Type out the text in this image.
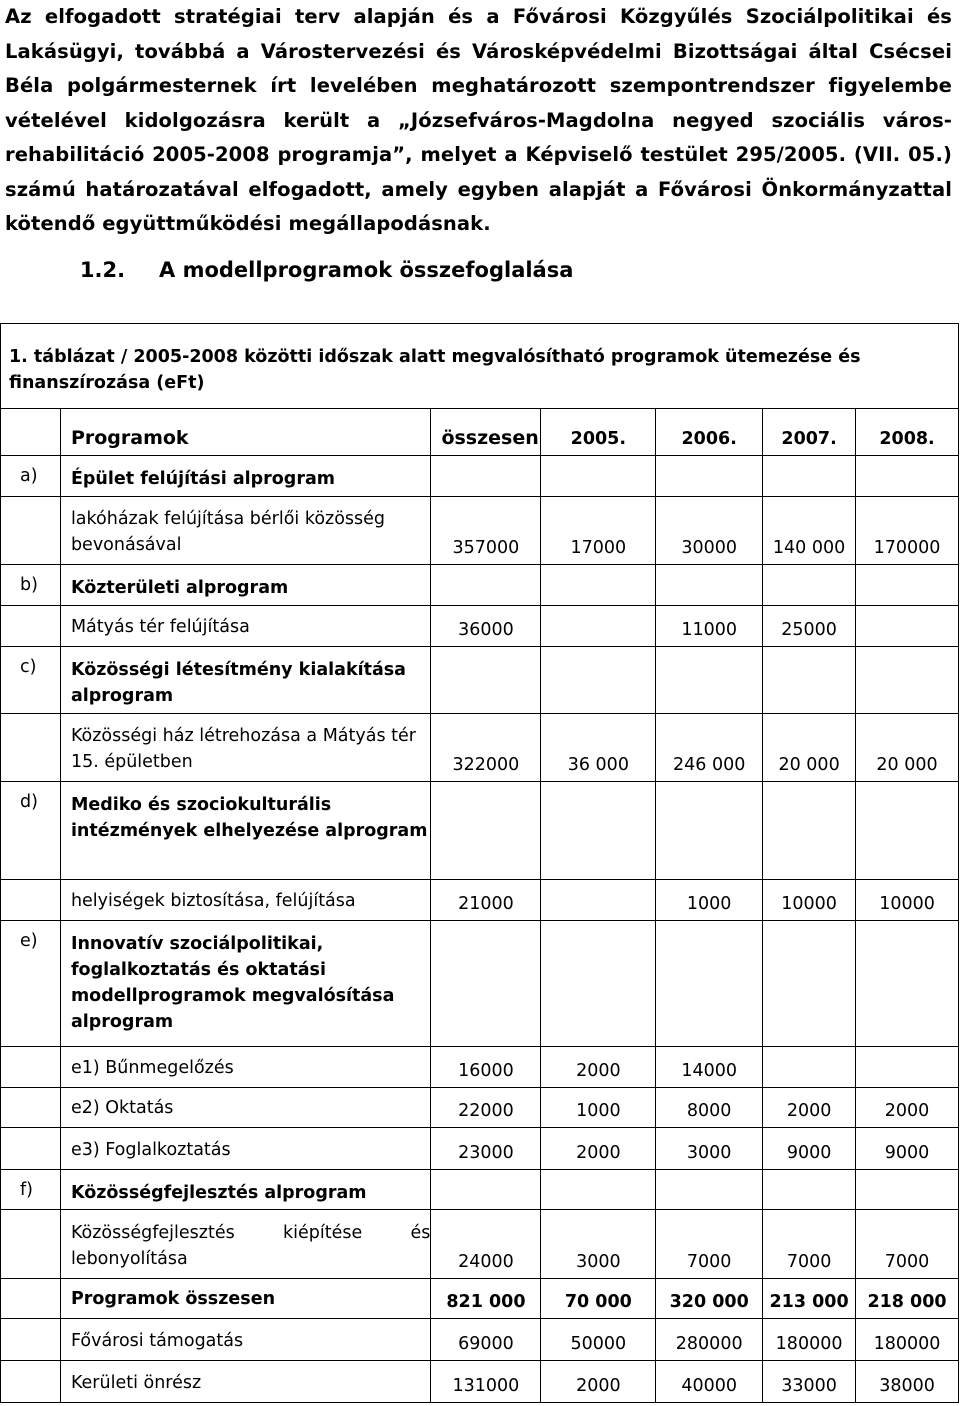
Az elfogadott stratégiai terv alapján és a Fővárosi Közgyűlés Szociálpolitikai és Lakásügyi, továbbá a Várostervezési és Városképvédelmi Bizottságai által Csécsei Béla polgármesternek írt levelében meghatározott szempontrendszer figyelembe vételével kidolgozásra került a „Józsefváros-Magdolna negyed szociális város-rehabilitáció 2005-2008 programja”, melyet a Képviselő testület 295/2005. (VII. 05.) számú határozatával elfogadott, amely egyben alapját a Fővárosi Önkormányzattal kötendő együttműködési megállapodásnak.
1.2. A modellprogramok összefoglalása
1. táblázat / 2005-2008 közötti időszak alatt megvalósítható programok ütemezése és finanszírozása (eFt)						
	Programok	összesen	2005.	2006.	2007.	2008.
a)	Épület felújítási alprogram					
	lakóházak felújítása bérlői közösség bevonásával	357000	17000	30000	140 000	170000
b)	Közterületi alprogram					
	Mátyás tér felújítása	36000		11000	25000	
c)	Közösségi létesítmény kialakítása alprogram					
	Közösségi ház létrehozása a Mátyás tér 15. épületben	322000	36 000	246 000	20 000	20 000
d)	Mediko és szociokulturális intézmények elhelyezése alprogram					
	helyiségek biztosítása, felújítása	21000		1000	10000	10000
e)	Innovatív szociálpolitikai, foglalkoztatás és oktatási modellprogramok megvalósítása alprogram					
	e1) Bűnmegelőzés	16000	2000	14000		
	e2) Oktatás	22000	1000	8000	2000	2000
	e3) Foglalkoztatás	23000	2000	3000	9000	9000
f)	Közösségfejlesztés alprogram					
	Közösségfejlesztés kiépítése és lebonyolítása	24000	3000	7000	7000	7000
	Programok összesen	821 000	70 000	320 000	213 000	218 000
	Fővárosi támogatás	69000	50000	280000	180000	180000
	Kerületi önrész	131000	2000	40000	33000	38000
